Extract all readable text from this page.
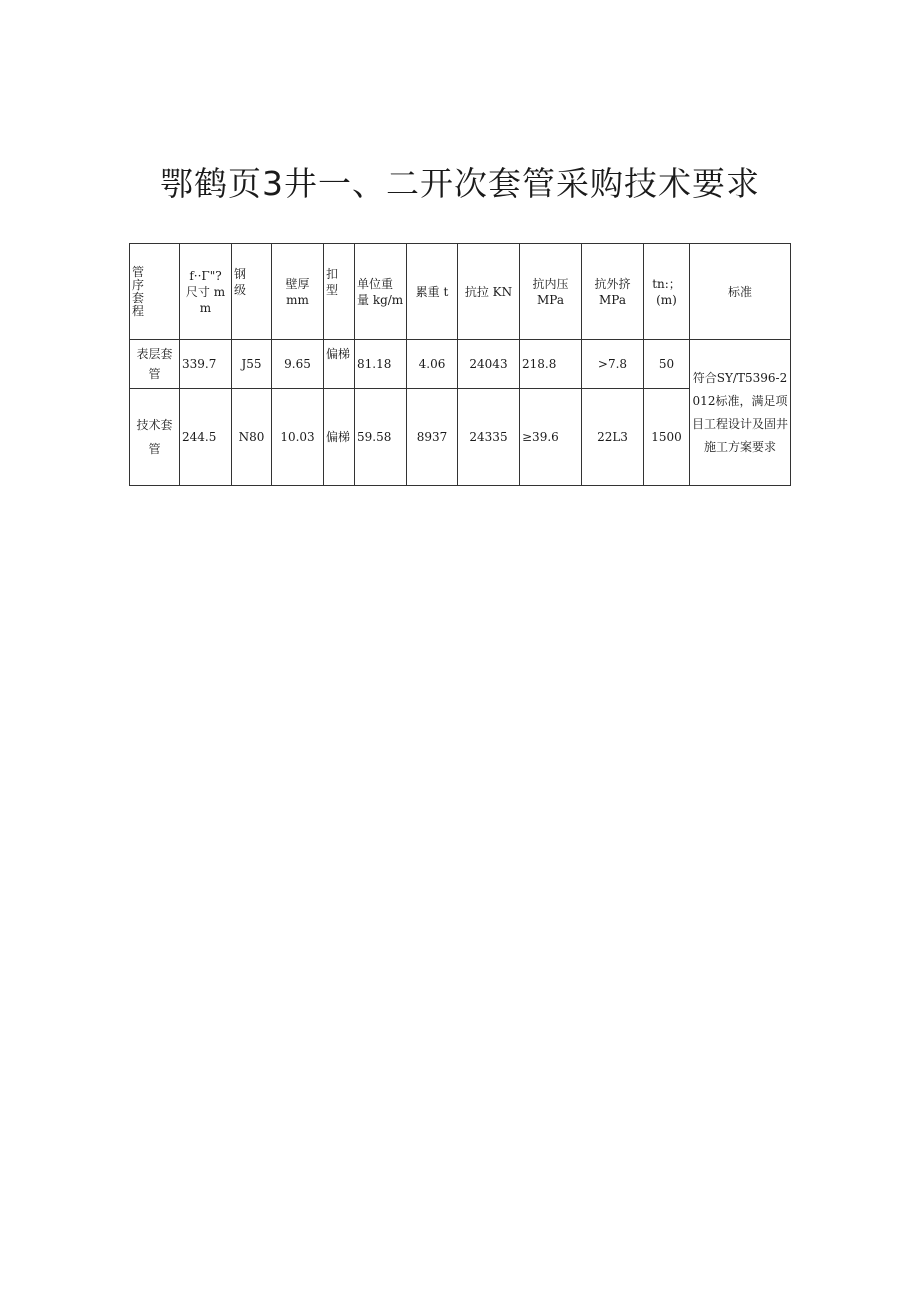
鄂鹤页3井一、二开次套管采购技术要求
管
序
套
程	f··Γ"?
尺寸 mm	钢
级	壁厚
mm	扣
型	单位重
量 kg/m	累重 t	抗拉 KN	抗内压
MPa	抗外挤
MPa	tn:；
(m)	标准
表层套
管	339.7	J55	9.65	偏梯	81.18	4.06	24043	218.8	>7.8	50	符合SY/T5396-2012标准，满足项目工程设计及固井施工方案要求
技术套
管	244.5	N80	10.03	偏梯	59.58	8937	24335	≥39.6	22L3	1500	
